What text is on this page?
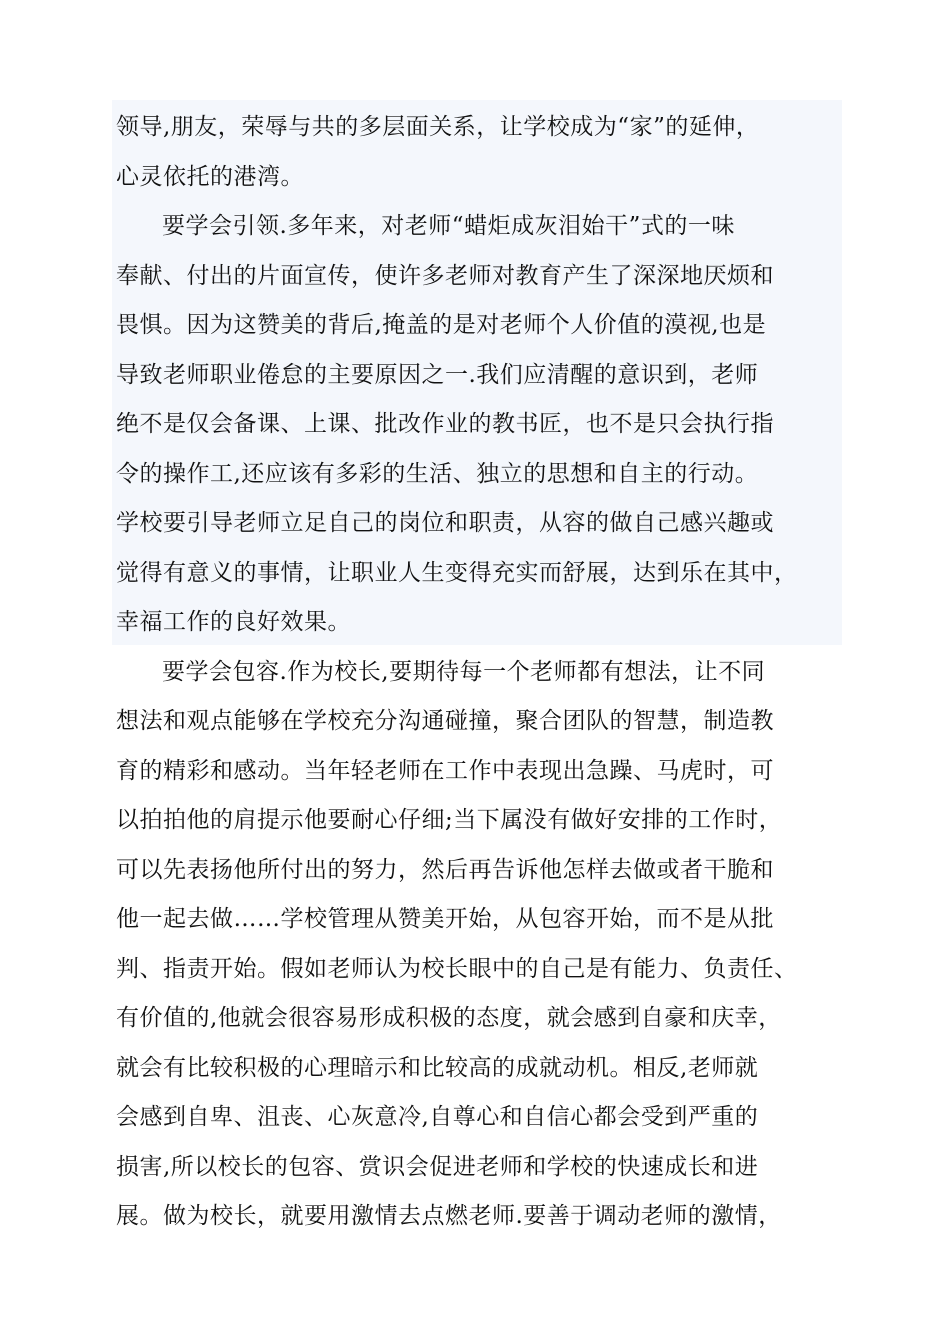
领导,朋友，荣辱与共的多层面关系，让学校成为“家”的延伸，
心灵依托的港湾。
要学会引领.多年来，对老师“蜡炬成灰泪始干”式的一味
奉献、付出的片面宣传，使许多老师对教育产生了深深地厌烦和
畏惧。因为这赞美的背后,掩盖的是对老师个人价值的漠视,也是
导致老师职业倦怠的主要原因之一.我们应清醒的意识到，老师
绝不是仅会备课、上课、批改作业的教书匠，也不是只会执行指
令的操作工,还应该有多彩的生活、独立的思想和自主的行动。
学校要引导老师立足自己的岗位和职责，从容的做自己感兴趣或
觉得有意义的事情，让职业人生变得充实而舒展，达到乐在其中，
幸福工作的良好效果。
要学会包容.作为校长,要期待每一个老师都有想法，让不同
想法和观点能够在学校充分沟通碰撞，聚合团队的智慧，制造教
育的精彩和感动。当年轻老师在工作中表现出急躁、马虎时，可
以拍拍他的肩提示他要耐心仔细;当下属没有做好安排的工作时，
可以先表扬他所付出的努力，然后再告诉他怎样去做或者干脆和
他一起去做……学校管理从赞美开始，从包容开始，而不是从批
判、指责开始。假如老师认为校长眼中的自己是有能力、负责任、
有价值的,他就会很容易形成积极的态度，就会感到自豪和庆幸，
就会有比较积极的心理暗示和比较高的成就动机。相反,老师就
会感到自卑、沮丧、心灰意冷,自尊心和自信心都会受到严重的
损害,所以校长的包容、赏识会促进老师和学校的快速成长和进
展。做为校长，就要用激情去点燃老师.要善于调动老师的激情，
